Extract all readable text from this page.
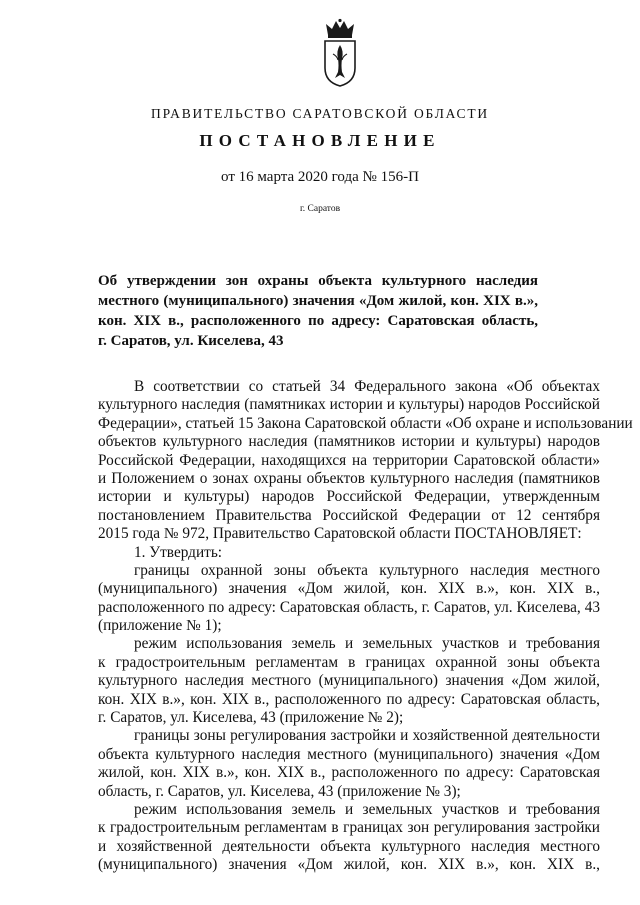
ПРАВИТЕЛЬСТВО САРАТОВСКОЙ ОБЛАСТИ
ПОСТАНОВЛЕНИЕ
от 16 марта 2020 года № 156-П
г. Саратов
Об утверждении зон охраны объекта культурного наследия
местного (муниципального) значения «Дом жилой, кон. XIX в.»,
кон. XIX в., расположенного по адресу: Саратовская область,
г. Саратов, ул. Киселева, 43
В соответствии со статьей 34 Федерального закона «Об объектах
культурного наследия (памятниках истории и культуры) народов Российской
Федерации», статьей 15 Закона Саратовской области «Об охране и использовании
объектов культурного наследия (памятников истории и культуры) народов
Российской Федерации, находящихся на территории Саратовской области»
и Положением о зонах охраны объектов культурного наследия (памятников
истории и культуры) народов Российской Федерации, утвержденным
постановлением Правительства Российской Федерации от 12 сентября
2015 года № 972, Правительство Саратовской области ПОСТАНОВЛЯЕТ:
1. Утвердить:
границы охранной зоны объекта культурного наследия местного
(муниципального) значения «Дом жилой, кон. XIX в.», кон. XIX в.,
расположенного по адресу: Саратовская область, г. Саратов, ул. Киселева, 43
(приложение № 1);
режим использования земель и земельных участков и требования
к градостроительным регламентам в границах охранной зоны объекта
культурного наследия местного (муниципального) значения «Дом жилой,
кон. XIX в.», кон. XIX в., расположенного по адресу: Саратовская область,
г. Саратов, ул. Киселева, 43 (приложение № 2);
границы зоны регулирования застройки и хозяйственной деятельности
объекта культурного наследия местного (муниципального) значения «Дом
жилой, кон. XIX в.», кон. XIX в., расположенного по адресу: Саратовская
область, г. Саратов, ул. Киселева, 43 (приложение № 3);
режим использования земель и земельных участков и требования
к градостроительным регламентам в границах зон регулирования застройки
и хозяйственной деятельности объекта культурного наследия местного
(муниципального) значения «Дом жилой, кон. XIX в.», кон. XIX в.,
